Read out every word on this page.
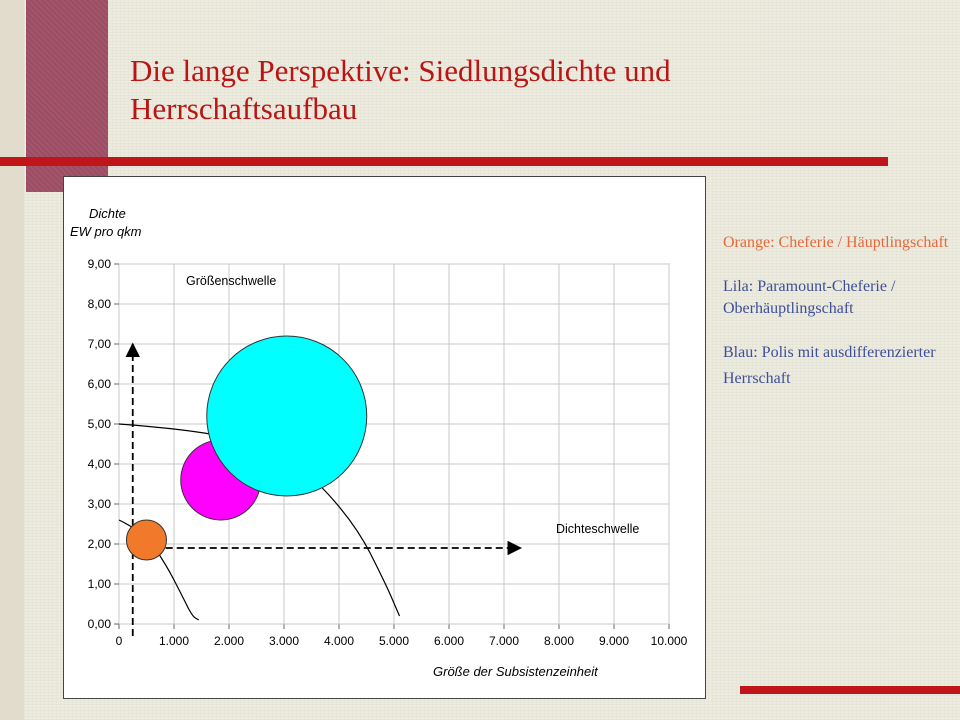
Die lange Perspektive: Siedlungsdichte und Herrschaftsaufbau
0	1.000 2.000 3.000 4.000 5.000 6.000 7.000 8.000 9.000 10.000
0,00
1,00
2,00
3,00
4,00
5,00
6,00
7,00
8,00
9,00
Größenschwelle
Dichteschwelle
Dichte
EW pro qkm
Größe der Subsistenzeinheit

Orange: Cheferie / Häuptlingschaft

Lila: Paramount-Cheferie / Oberhäuptlingschaft

Blau: Polis mit ausdifferenzierter

Herrschaft
